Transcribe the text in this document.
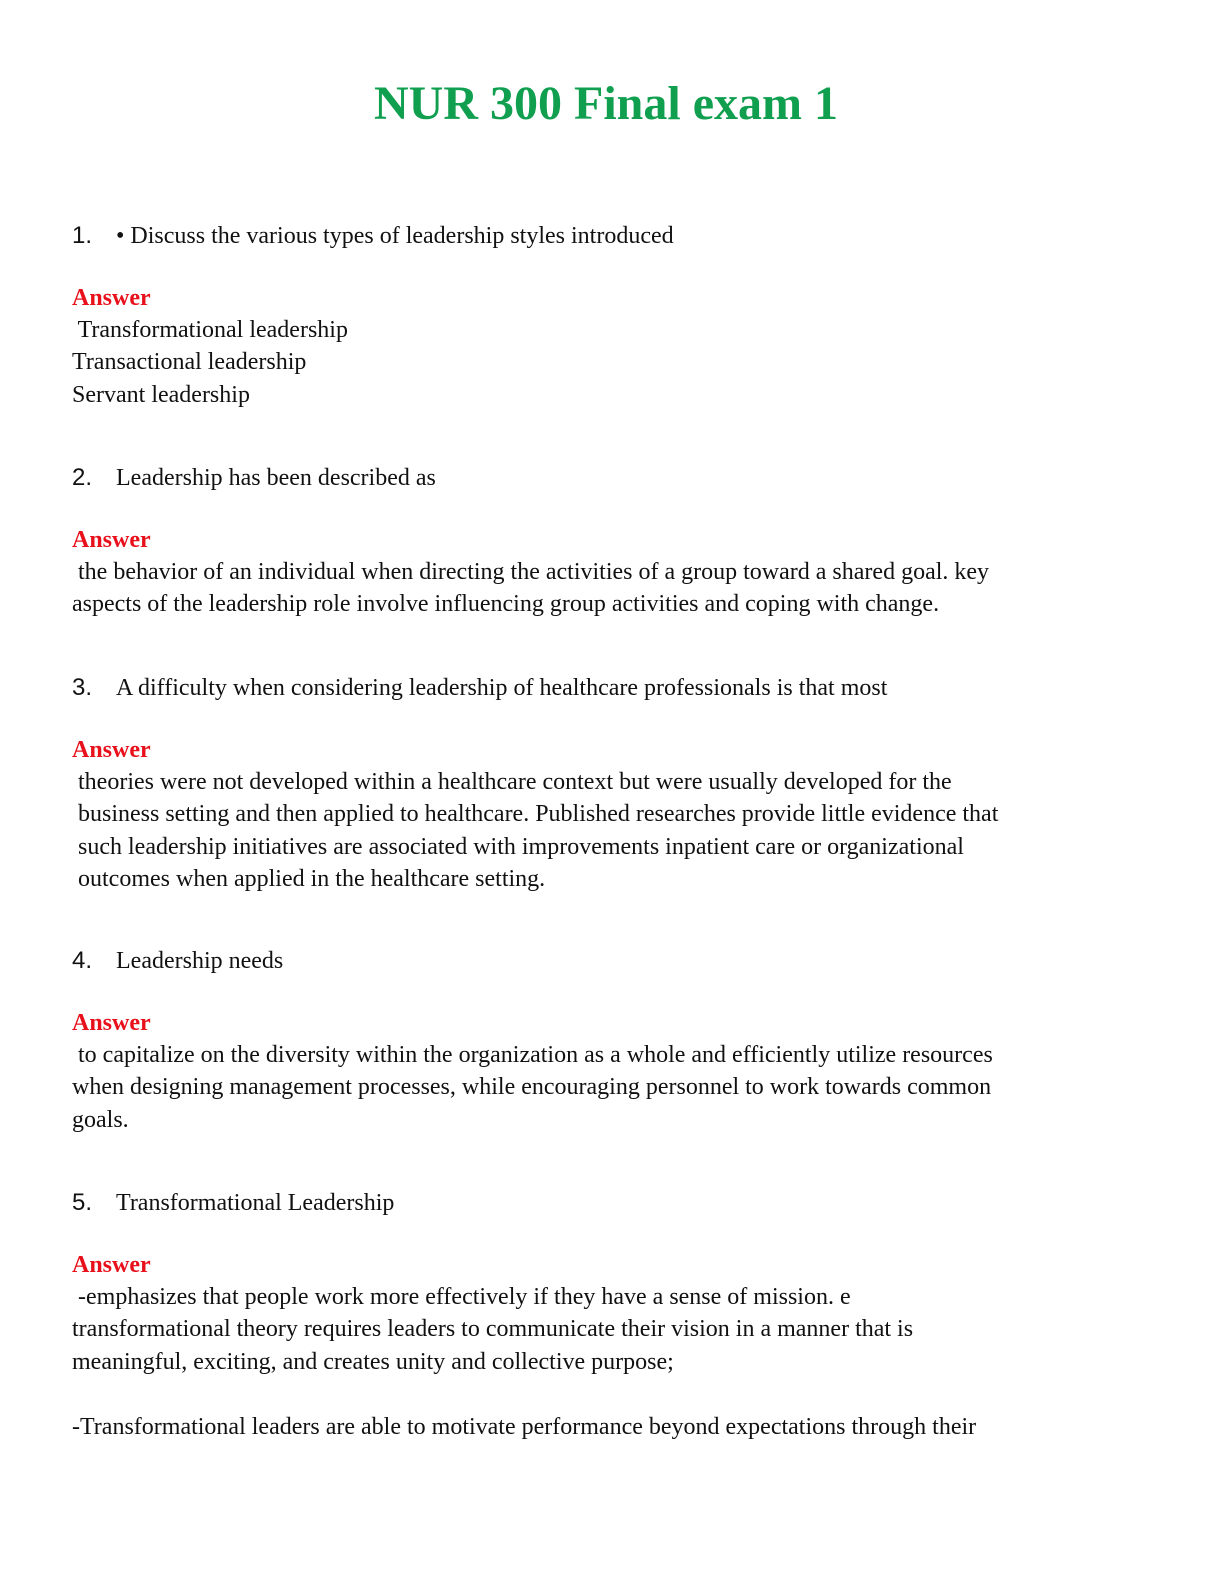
NUR 300 Final exam 1
1. • Discuss the various types of leadership styles introduced
Answer
Transformational leadership
Transactional leadership
Servant leadership
2. Leadership has been described as
Answer
the behavior of an individual when directing the activities of a group toward a shared goal. key
aspects of the leadership role involve influencing group activities and coping with change.
3. A difficulty when considering leadership of healthcare professionals is that most
Answer
theories were not developed within a healthcare context but were usually developed for the
business setting and then applied to healthcare. Published researches provide little evidence that
such leadership initiatives are associated with improvements inpatient care or organizational
outcomes when applied in the healthcare setting.
4. Leadership needs
Answer
to capitalize on the diversity within the organization as a whole and efficiently utilize resources
when designing management processes, while encouraging personnel to work towards common
goals.
5. Transformational Leadership
Answer
-emphasizes that people work more effectively if they have a sense of mission. e
transformational theory requires leaders to communicate their vision in a manner that is
meaningful, exciting, and creates unity and collective purpose;
-Transformational leaders are able to motivate performance beyond expectations through their
